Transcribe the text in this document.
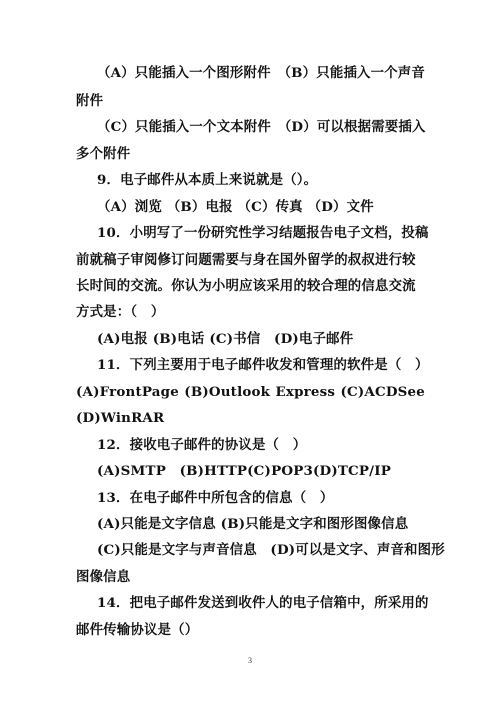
（A）只能插入一个图形附件　（B）只能插入一个声音
附件
（C）只能插入一个文本附件　（D）可以根据需要插入
多个附件
9．电子邮件从本质上来说就是（）。
（A）浏览 （B）电报 （C）传真 （D）文件
10．小明写了一份研究性学习结题报告电子文档，投稿
前就稿子审阅修订问题需要与身在国外留学的叔叔进行较
长时间的交流。你认为小明应该采用的较合理的信息交流
方式是：（　）
(A)电报 (B)电话 (C)书信　(D)电子邮件
11．下列主要用于电子邮件收发和管理的软件是（　）
(A)FrontPage (B)Outlook Express (C)ACDSee
(D)WinRAR
12．接收电子邮件的协议是（　）
(A)SMTP　(B)HTTP(C)POP3(D)TCP/IP
13．在电子邮件中所包含的信息（　）
(A)只能是文字信息 (B)只能是文字和图形图像信息
(C)只能是文字与声音信息　(D)可以是文字、声音和图形
图像信息
14．把电子邮件发送到收件人的电子信箱中，所采用的
邮件传输协议是（）
3
